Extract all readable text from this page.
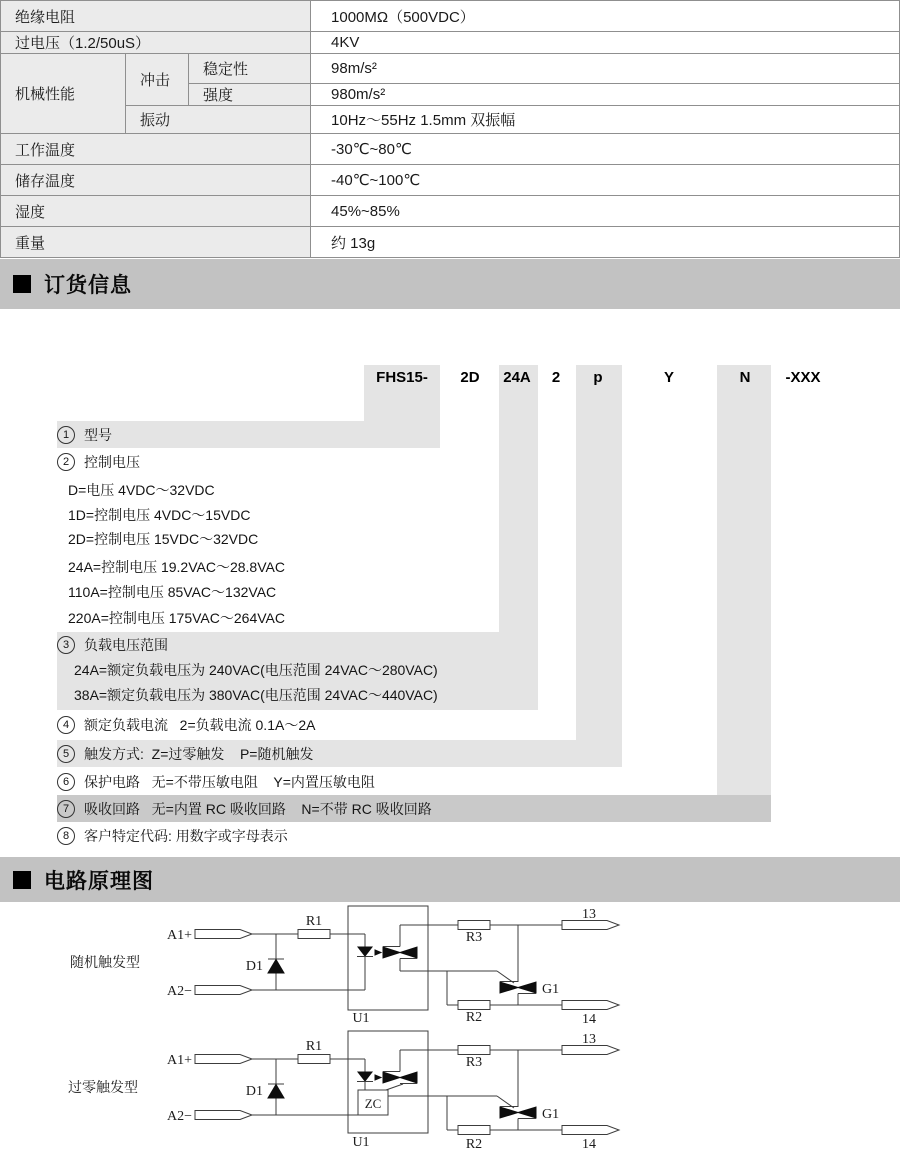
绝缘电阻			1000MΩ（500VDC）
过电压（1.2/50uS）			4KV
机械性能	冲击	稳定性	98m/s²
		强度	980m/s²
	振动		10Hz～55Hz 1.5mm 双振幅
工作温度			-30℃~80℃
储存温度			-40℃~100℃
湿度			45%~85%
重量			约 13g
订货信息
FHS15-	2D	24A	2	p	Y	N	-XXX
1	型号
2	控制电压
D=电压 4VDC～32VDC
1D=控制电压 4VDC～15VDC
2D=控制电压 15VDC～32VDC
24A=控制电压 19.2VAC～28.8VAC
110A=控制电压 85VAC～132VAC
220A=控制电压 175VAC～264VAC
3	负载电压范围
24A=额定负载电压为 240VAC(电压范围 24VAC～280VAC)
38A=额定负载电压为 380VAC(电压范围 24VAC～440VAC)
4	额定负载电流   2=负载电流 0.1A～2A
5	触发方式:  Z=过零触发    P=随机触发
6	保护电路   无=不带压敏电阻    Y=内置压敏电阻
7	吸收回路   无=内置 RC 吸收回路    N=不带 RC 吸收回路
8	客户特定代码: 用数字或字母表示
电路原理图
随机触发型
A1+
A2−
R1
D1
U1
R3
R2
G1
13
14
过零触发型
A1+
A2−
R1
D1
U1
ZC
R3
R2
G1
13
14
